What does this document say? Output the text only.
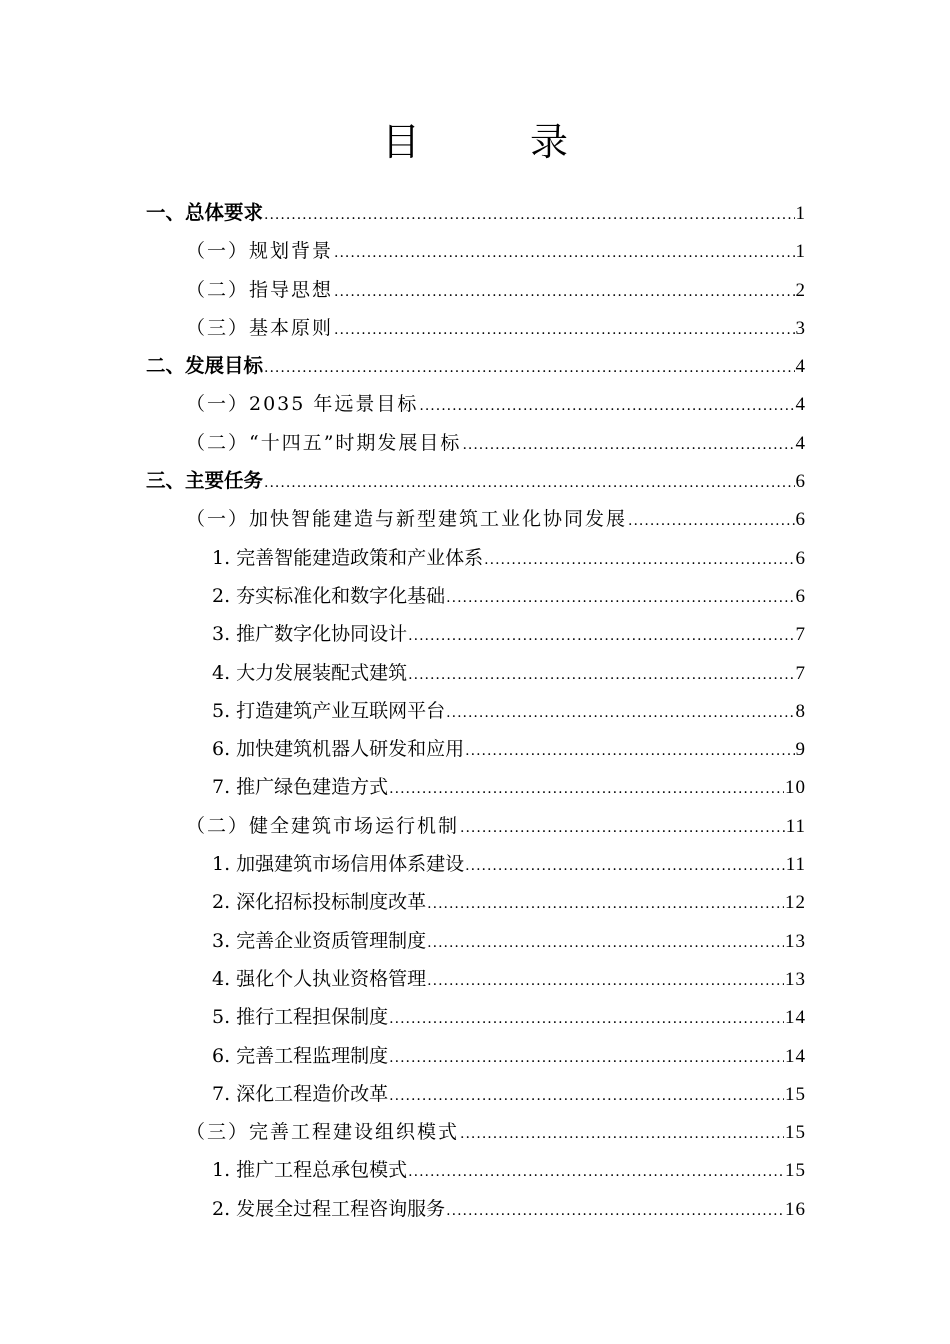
目　录
一、总体要求 .....	1
（一）规划背景 .....	1
（二）指导思想 .....	2
（三）基本原则 .....	3
二、发展目标 .....	4
（一）2035 年远景目标 .....	4
（二）“十四五”时期发展目标 .....	4
三、主要任务 .....	6
（一）加快智能建造与新型建筑工业化协同发展 .....	6
1. 完善智能建造政策和产业体系 .....	6
2. 夯实标准化和数字化基础 .....	6
3. 推广数字化协同设计 .....	7
4. 大力发展装配式建筑 .....	7
5. 打造建筑产业互联网平台 .....	8
6. 加快建筑机器人研发和应用 .....	9
7. 推广绿色建造方式 .....	10
（二）健全建筑市场运行机制 .....	11
1. 加强建筑市场信用体系建设 .....	11
2. 深化招标投标制度改革 .....	12
3. 完善企业资质管理制度 .....	13
4. 强化个人执业资格管理 .....	13
5. 推行工程担保制度 .....	14
6. 完善工程监理制度 .....	14
7. 深化工程造价改革 .....	15
（三）完善工程建设组织模式 .....	15
1. 推广工程总承包模式 .....	15
2. 发展全过程工程咨询服务 .....	16
